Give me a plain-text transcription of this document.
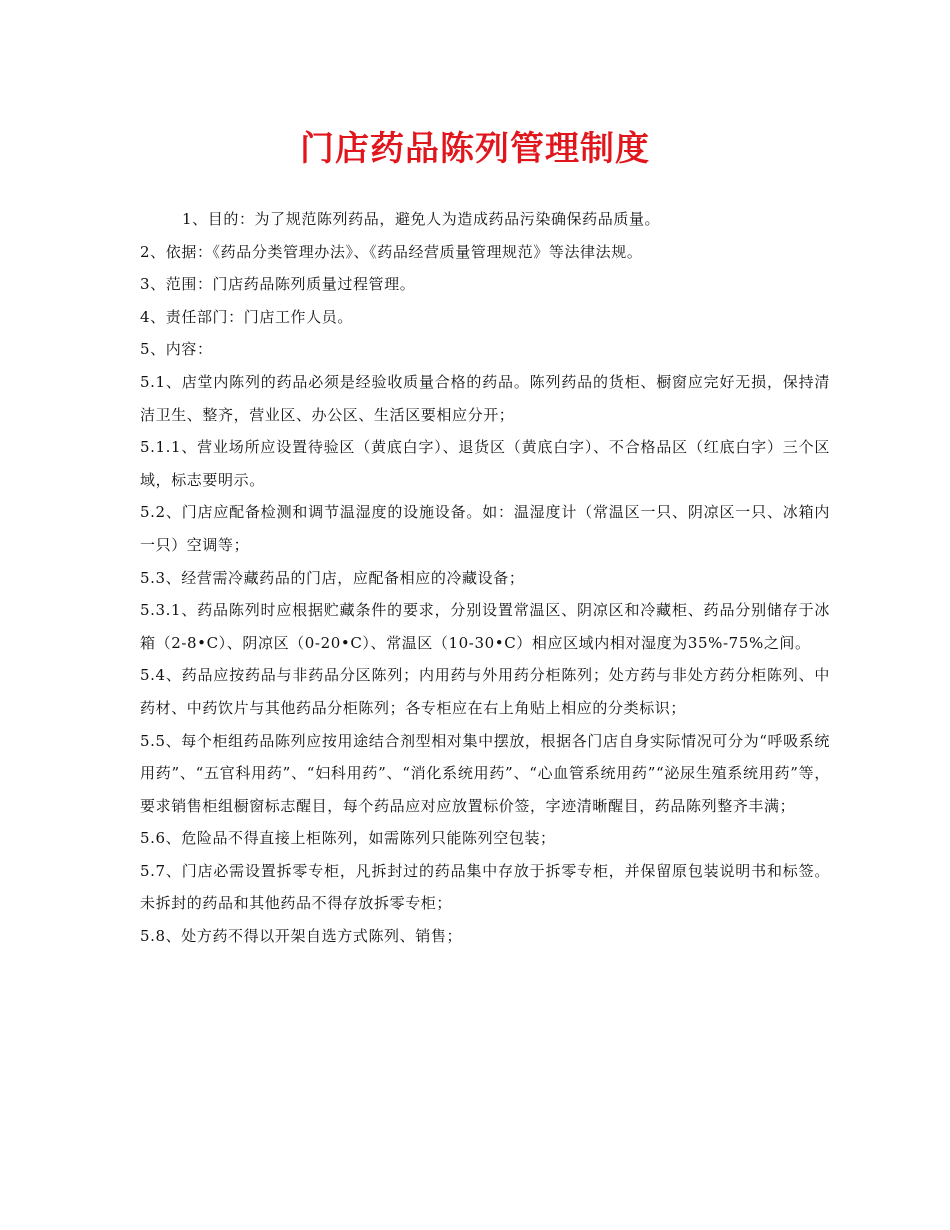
门店药品陈列管理制度

1、目的：为了规范陈列药品，避免人为造成药品污染确保药品质量。

2、依据：《药品分类管理办法》、《药品经营质量管理规范》等法律法规。

3、范围：门店药品陈列质量过程管理。

4、责任部门：门店工作人员。

5、内容：

5.1、店堂内陈列的药品必须是经验收质量合格的药品。陈列药品的货柜、橱窗应完好无损，保持清洁卫生、整齐，营业区、办公区、生活区要相应分开；

5.1.1、营业场所应设置待验区（黄底白字）、退货区（黄底白字）、不合格品区（红底白字）三个区域，标志要明示。

5.2、门店应配备检测和调节温湿度的设施设备。如：温湿度计（常温区一只、阴凉区一只、冰箱内一只）空调等；

5.3、经营需冷藏药品的门店，应配备相应的冷藏设备；

5.3.1、药品陈列时应根据贮藏条件的要求，分别设置常温区、阴凉区和冷藏柜、药品分别储存于冰箱（2-8•C）、阴凉区（0-20•C）、常温区（10-30•C）相应区域内相对湿度为35%-75%之间。

5.4、药品应按药品与非药品分区陈列；内用药与外用药分柜陈列；处方药与非处方药分柜陈列、中药材、中药饮片与其他药品分柜陈列；各专柜应在右上角贴上相应的分类标识；

5.5、每个柜组药品陈列应按用途结合剂型相对集中摆放，根据各门店自身实际情况可分为“呼吸系统用药”、“五官科用药”、“妇科用药”、“消化系统用药”、“心血管系统用药”“泌尿生殖系统用药”等，要求销售柜组橱窗标志醒目，每个药品应对应放置标价签，字迹清晰醒目，药品陈列整齐丰满；

5.6、危险品不得直接上柜陈列，如需陈列只能陈列空包装；

5.7、门店必需设置拆零专柜，凡拆封过的药品集中存放于拆零专柜，并保留原包装说明书和标签。未拆封的药品和其他药品不得存放拆零专柜；

5.8、处方药不得以开架自选方式陈列、销售；
